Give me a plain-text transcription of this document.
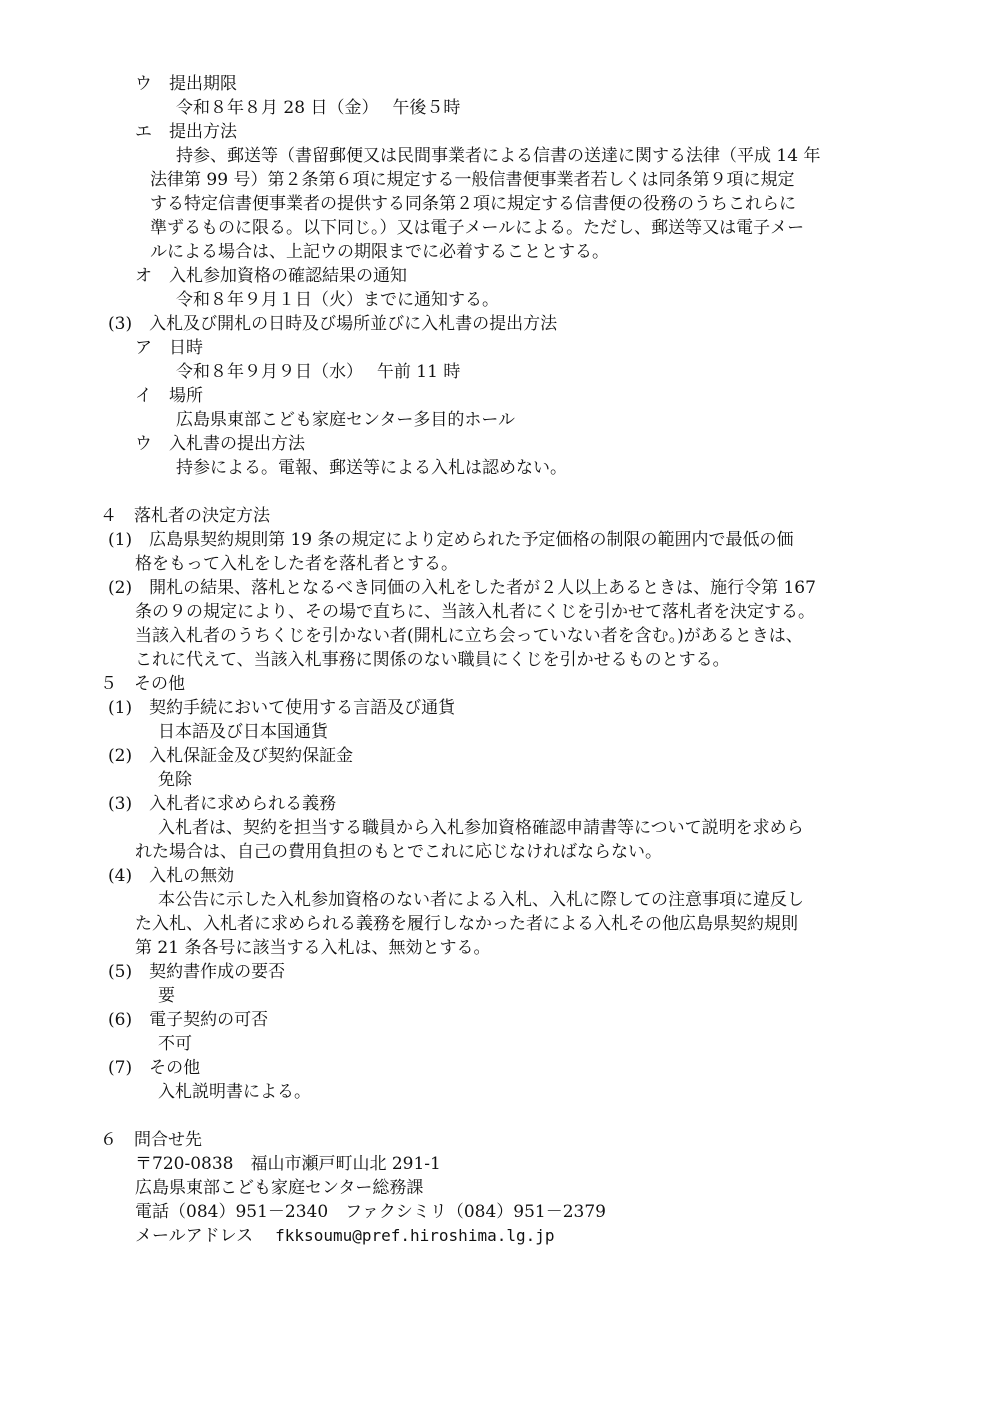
ウ　提出期限
令和８年８月 28 日（金）　 午後５時
エ　提出方法
持参、郵送等（書留郵便又は民間事業者による信書の送達に関する法律（平成 14 年
法律第 99 号）第２条第６項に規定する一般信書便事業者若しくは同条第９項に規定
する特定信書便事業者の提供する同条第２項に規定する信書便の役務のうちこれらに
準ずるものに限る。以下同じ。）又は電子メールによる。ただし、郵送等又は電子メー
ルによる場合は、上記ウの期限までに必着することとする。
オ　入札参加資格の確認結果の通知
令和８年９月１日（火）までに通知する。
(3)　入札及び開札の日時及び場所並びに入札書の提出方法
ア　日時
令和８年９月９日（水）　 午前 11 時
イ　場所
広島県東部こども家庭センター多目的ホール
ウ　入札書の提出方法
持参による。電報、郵送等による入札は認めない。
４　落札者の決定方法
(1)　広島県契約規則第 19 条の規定により定められた予定価格の制限の範囲内で最低の価
格をもって入札をした者を落札者とする。
(2)　開札の結果、落札となるべき同価の入札をした者が２人以上あるときは、施行令第 167
条の９の規定により、その場で直ちに、当該入札者にくじを引かせて落札者を決定する。
当該入札者のうちくじを引かない者(開札に立ち会っていない者を含む。)があるときは、
これに代えて、当該入札事務に関係のない職員にくじを引かせるものとする。
５　その他
(1)　契約手続において使用する言語及び通貨
日本語及び日本国通貨
(2)　入札保証金及び契約保証金
免除
(3)　入札者に求められる義務
入札者は、契約を担当する職員から入札参加資格確認申請書等について説明を求めら
れた場合は、自己の費用負担のもとでこれに応じなければならない。
(4)　入札の無効
本公告に示した入札参加資格のない者による入札、入札に際しての注意事項に違反し
た入札、入札者に求められる義務を履行しなかった者による入札その他広島県契約規則
第 21 条各号に該当する入札は、無効とする。
(5)　契約書作成の要否
要
(6)　電子契約の可否
不可
(7)　その他
入札説明書による。
６　問合せ先
〒720-0838　福山市瀬戸町山北 291-1
広島県東部こども家庭センター総務課
電話（084）951－2340　ファクシミリ（084）951－2379
メールアドレス fkksoumu@pref.hiroshima.lg.jp
